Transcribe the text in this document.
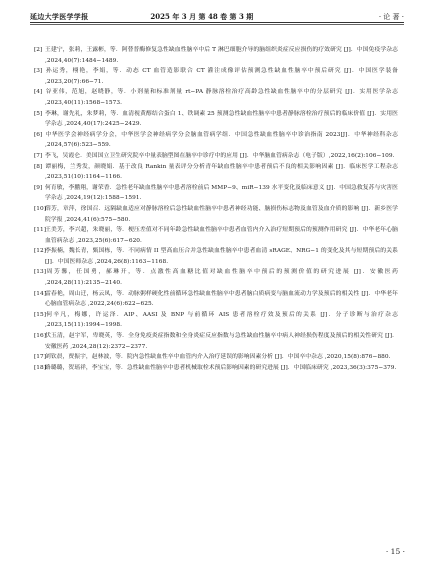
延边大学医学学报	2025 年 3 月 第 48 卷 第 3 期	· 论 著 ·
[2] 王建宁，张莉，王露彬，等．阿替普酶修复急性缺血性脑卒中后 T 淋巴细胞介导的脑组织炎症反应损伤的疗效研究 [J]．中国免疫学杂志 ,2024,40(7):1484−1489.
[3] 孙运秀，栩艳，李娟，等．动态 CT 血管造影联合 CT 灌注成像评估预测急性缺血性脑卒中预后研究 [J]．中国医学装备 ,2023,20(7):66−71.
[4] 谷亚伟，范旭，赵晓静，等．小剂量和标准剂量 rt−PA 静脉溶栓治疗高龄急性缺血性脑卒中的分层研究 [J]．实用医学杂志 ,2023,40(11):1568−1573.
[5] 李琳，谢先礼，朱梦莉，等．血清视黄醇结合蛋白 1、铁调素 25 预测急性缺血性脑卒中患者静脉溶栓治疗预后的临床价值 [J]．实用医学杂志 ,2024,40(17):2425−2429.
[6] 中华医学会神经病学分会，中华医学会神经病学分会脑血管病学组．中国急性缺血性脑卒中诊治指南 2023[J]．中华神经科杂志 ,2024,57(6):523−559.
[7] 李飞，吴霞仑．美国国立卫生研究院卒中量表脑型图在脑卒中诊疗中的应用 [J]．中华脑血管病杂志（电子版）,2022,16(2):106−109.
[8] 谭丽梅，兰秀发，颜晓娟．基于改良 Rankin 量表评分分析青年缺血性脑卒中患者预后不良的相关影响因素 [J]．临床医学工程杂志 ,2023,51(10):1164−1166.
[9] 何育敏，李鹏翔，谢荣香．急性老年缺血性脑卒中患者溶栓前后 MMP−9、miR−139 水平变化及临床意义 [J]．中国急救复苏与灾害医学杂志 ,2024,19(12):1588−1591.
[10]薛芳，章萍，徐国召．远隔缺血适应对静脉溶栓后急性缺血性脑卒中患者神经功能、脑损伤标志物及血管及血介质的影响 [J]．新乡医学院学报 ,2024,41(6):575−580.
[11]王美芳，李兴超，朱晓丽，等．梗压差值对不同年龄急性缺血性脑卒中患者血管内介入治疗短期预后的预测作用研究 [J]．中华老年心脑血管病杂志 ,2023,25(6):617−620.
[12]李振楠，魏长青，甄国栋，等．不同病情 II 型高血压合并急性缺血性脑卒中患者血清 sRAGE、NRG−1 的变化及其与短期预后的关系 [J]．中国医师杂志 ,2024,26(8):1163−1168.
[13]周芳馨，任国勇，郝琳开，等．点激性高血糖比值对缺血性脑卒中预后的预测价值的研究进展 [J]．安徽医药 ,2024,28(11):2135−2140.
[14]雷春艳，周山迁，杨云凤，等．动脉粥样硬化性前循环急性缺血性脑卒中患者脑白质病变与脑血流动力学及预后的相关性 [J]．中华老年心脑血管病杂志 ,2022,24(6):622−625.
[15]何辛凡，梅娜，许运泽．AIP、AASI 及 BNP 与前循环 AIS 患者溶栓疗效及预后的关系 [J]．分子诊断与治疗杂志 ,2023,15(11):1994−1998.
[16]伏玉清，赵宇军，卑晓英，等．全身免疫炎症指数和全身炎症反应指数与急性缺血性脑卒中病人神经损伤程度及预后的相关性研究 [J]．安徽医药 ,2024,28(12):2372−2377.
[17]刘钦晨，贾振宇，赵林波，等．院内急性缺血性卒中血管内介入治疗延误的影响因素分析 [J]．中国卒中杂志 ,2020,15(8):876−880.
[18]路璐璐，贺瑶祥，李宝宝，等．急性缺血性脑卒中患者机械取栓术预后影响因素的研究进展 [J]．中国临床研究 ,2023,36(3):375−379.
· 15 ·
